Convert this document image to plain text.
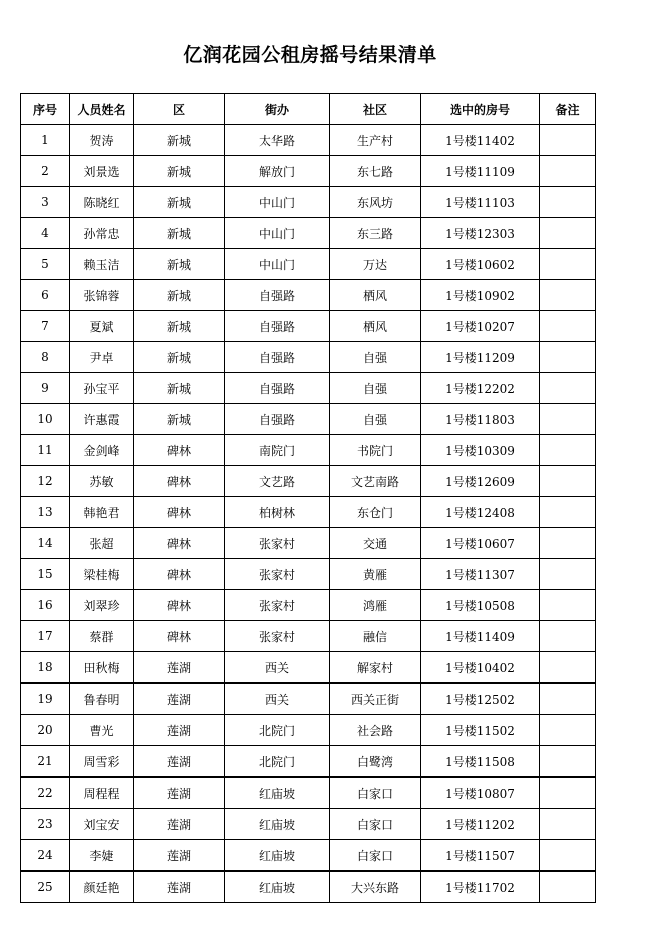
亿润花园公租房摇号结果清单
序号	人员姓名	区	街办	社区	选中的房号	备注
1	贺涛	新城	太华路	生产村	1号楼11402	
2	刘景选	新城	解放门	东七路	1号楼11109	
3	陈晓红	新城	中山门	东风坊	1号楼11103	
4	孙常忠	新城	中山门	东三路	1号楼12303	
5	赖玉洁	新城	中山门	万达	1号楼10602	
6	张锦蓉	新城	自强路	栖风	1号楼10902	
7	夏斌	新城	自强路	栖风	1号楼10207	
8	尹卓	新城	自强路	自强	1号楼11209	
9	孙宝平	新城	自强路	自强	1号楼12202	
10	许惠霞	新城	自强路	自强	1号楼11803	
11	金剑峰	碑林	南院门	书院门	1号楼10309	
12	苏敏	碑林	文艺路	文艺南路	1号楼12609	
13	韩艳君	碑林	柏树林	东仓门	1号楼12408	
14	张超	碑林	张家村	交通	1号楼10607	
15	梁桂梅	碑林	张家村	黄雁	1号楼11307	
16	刘翠珍	碑林	张家村	鸿雁	1号楼10508	
17	蔡群	碑林	张家村	融信	1号楼11409	
18	田秋梅	莲湖	西关	解家村	1号楼10402	
19	鲁春明	莲湖	西关	西关正街	1号楼12502	
20	曹光	莲湖	北院门	社会路	1号楼11502	
21	周雪彩	莲湖	北院门	白鹭湾	1号楼11508	
22	周程程	莲湖	红庙坡	白家口	1号楼10807	
23	刘宝安	莲湖	红庙坡	白家口	1号楼11202	
24	李婕	莲湖	红庙坡	白家口	1号楼11507	
25	颜廷艳	莲湖	红庙坡	大兴东路	1号楼11702	
